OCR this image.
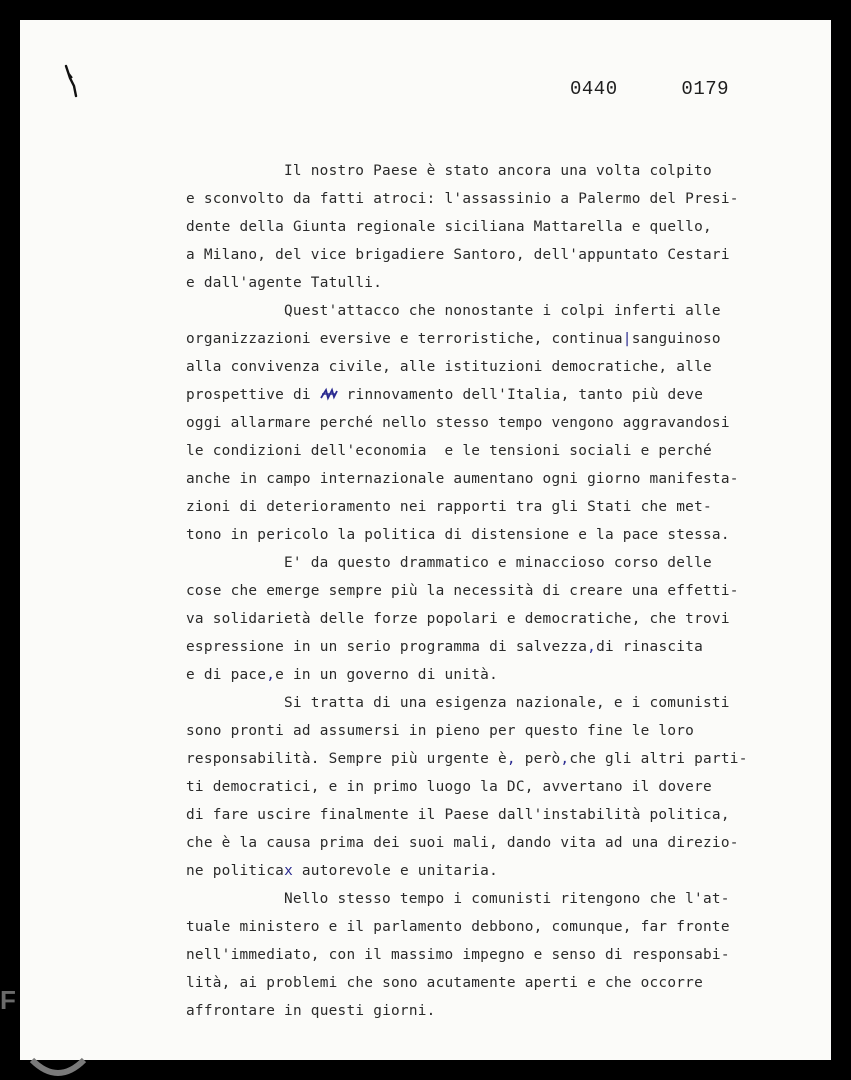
0440  0179
Il nostro Paese è stato ancora una volta colpito
e sconvolto da fatti atroci: l'assassinio a Palermo del Presi-
dente della Giunta regionale siciliana Mattarella e quello,
a Milano, del vice brigadiere Santoro, dell'appuntato Cestari
e dall'agente Tatulli.
Quest'attacco che nonostante i colpi inferti alle
organizzazioni eversive e terroristiche, continua|sanguinoso
alla convivenza civile, alle istituzioni democratiche, alle
prospettive di  rinnovamento dell'Italia, tanto più deve
oggi allarmare perché nello stesso tempo vengono aggravandosi
le condizioni dell'economia  e le tensioni sociali e perché
anche in campo internazionale aumentano ogni giorno manifesta-
zioni di deterioramento nei rapporti tra gli Stati che met-
tono in pericolo la politica di distensione e la pace stessa.
E' da questo drammatico e minaccioso corso delle
cose che emerge sempre più la necessità di creare una effetti-
va solidarietà delle forze popolari e democratiche, che trovi
espressione in un serio programma di salvezza,di rinascita
e di pace,e in un governo di unità.
Si tratta di una esigenza nazionale, e i comunisti
sono pronti ad assumersi in pieno per questo fine le loro
responsabilità. Sempre più urgente è, però,che gli altri parti-
ti democratici, e in primo luogo la DC, avvertano il dovere
di fare uscire finalmente il Paese dall'instabilità politica,
che è la causa prima dei suoi mali, dando vita ad una direzio-
ne politicax autorevole e unitaria.
Nello stesso tempo i comunisti ritengono che l'at-
tuale ministero e il parlamento debbono, comunque, far fronte
nell'immediato, con il massimo impegno e senso di responsabi-
lità, ai problemi che sono acutamente aperti e che occorre
affrontare in questi giorni.
F
